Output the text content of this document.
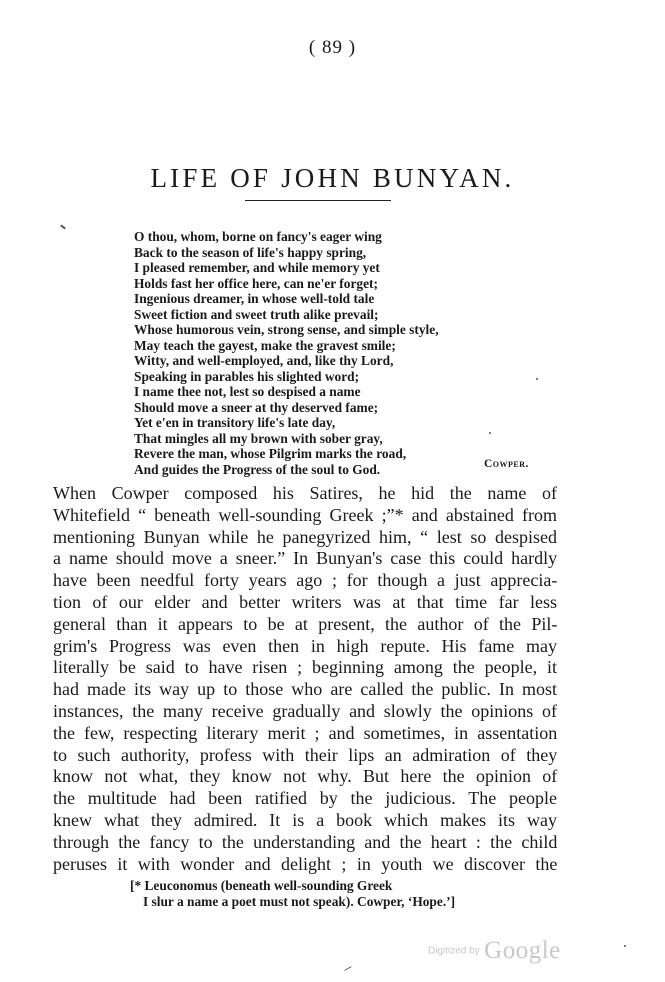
( 89 )
LIFE OF JOHN BUNYAN.
O thou, whom, borne on fancy's eager wing
Back to the season of life's happy spring,
I pleased remember, and while memory yet
Holds fast her office here, can ne'er forget;
Ingenious dreamer, in whose well-told tale
Sweet fiction and sweet truth alike prevail;
Whose humorous vein, strong sense, and simple style,
May teach the gayest, make the gravest smile;
Witty, and well-employed, and, like thy Lord,
Speaking in parables his slighted word;
I name thee not, lest so despised a name
Should move a sneer at thy deserved fame;
Yet e'en in transitory life's late day,
That mingles all my brown with sober gray,
Revere the man, whose Pilgrim marks the road,
And guides the Progress of the soul to God.	Cowper.
When Cowper composed his Satires, he hid the name of
Whitefield “ beneath well-sounding Greek ;”* and abstained from
mentioning Bunyan while he panegyrized him, “ lest so despised
a name should move a sneer.” In Bunyan's case this could hardly
have been needful forty years ago ; for though a just apprecia-
tion of our elder and better writers was at that time far less
general than it appears to be at present, the author of the Pil-
grim's Progress was even then in high repute. His fame may
literally be said to have risen ; beginning among the people, it
had made its way up to those who are called the public. In most
instances, the many receive gradually and slowly the opinions of
the few, respecting literary merit ; and sometimes, in assentation
to such authority, profess with their lips an admiration of they
know not what, they know not why. But here the opinion of
the multitude had been ratified by the judicious. The people
knew what they admired. It is a book which makes its way
through the fancy to the understanding and the heart : the child
peruses it with wonder and delight ; in youth we discover the
[* Leuconomus (beneath well-sounding Greek
I slur a name a poet must not speak). Cowper, ‘Hope.’]
Digitized by Google
